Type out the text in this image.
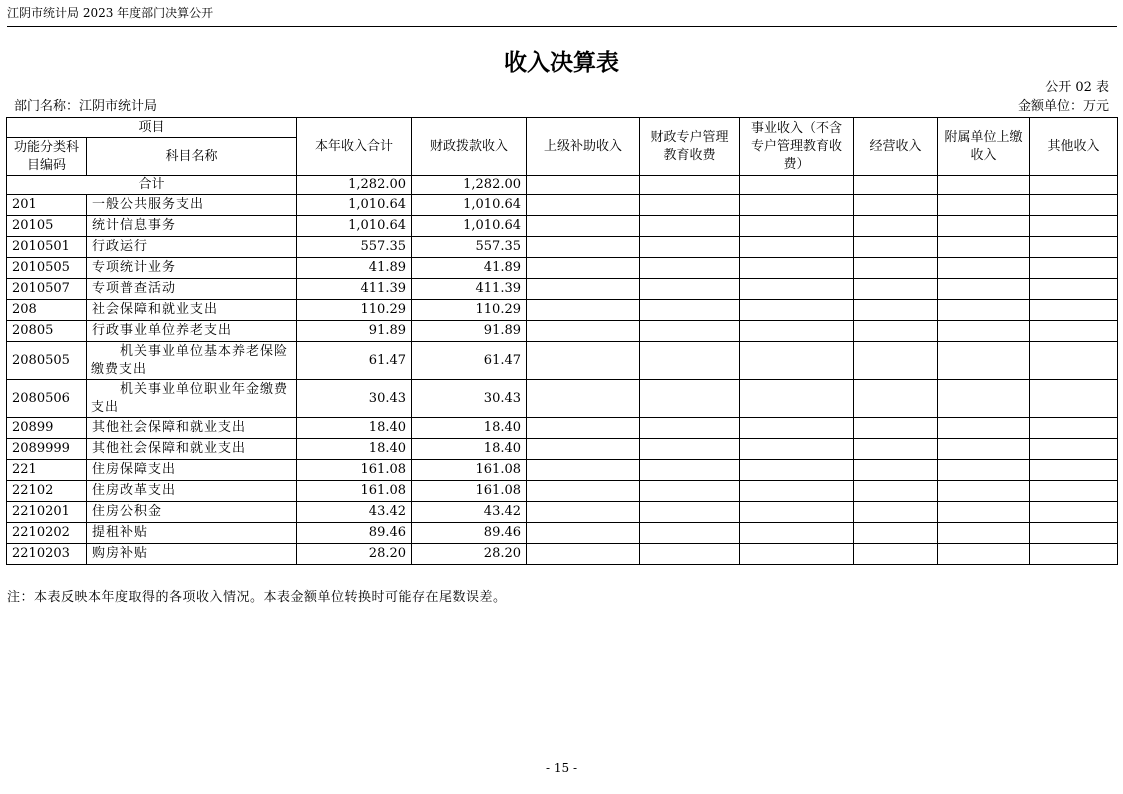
江阴市统计局 2023 年度部门决算公开
收入决算表
公开 02 表
部门名称：江阴市统计局	金额单位：万元
项目		本年收入合计	财政拨款收入	上级补助收入	财政专户管理教育收费	事业收入（不含专户管理教育收费）	经营收入	附属单位上缴收入	其他收入
功能分类科目编码	科目名称								
合计		1,282.00	1,282.00						
201	一般公共服务支出	1,010.64	1,010.64						
20105	统计信息事务	1,010.64	1,010.64						
2010501	行政运行	557.35	557.35						
2010505	专项统计业务	41.89	41.89						
2010507	专项普查活动	411.39	411.39						
208	社会保障和就业支出	110.29	110.29						
20805	行政事业单位养老支出	91.89	91.89						
2080505	机关事业单位基本养老保险缴费支出	61.47	61.47						
2080506	机关事业单位职业年金缴费支出	30.43	30.43						
20899	其他社会保障和就业支出	18.40	18.40						
2089999	其他社会保障和就业支出	18.40	18.40						
221	住房保障支出	161.08	161.08						
22102	住房改革支出	161.08	161.08						
2210201	住房公积金	43.42	43.42						
2210202	提租补贴	89.46	89.46						
2210203	购房补贴	28.20	28.20						
注：本表反映本年度取得的各项收入情况。本表金额单位转换时可能存在尾数误差。
- 15 -
